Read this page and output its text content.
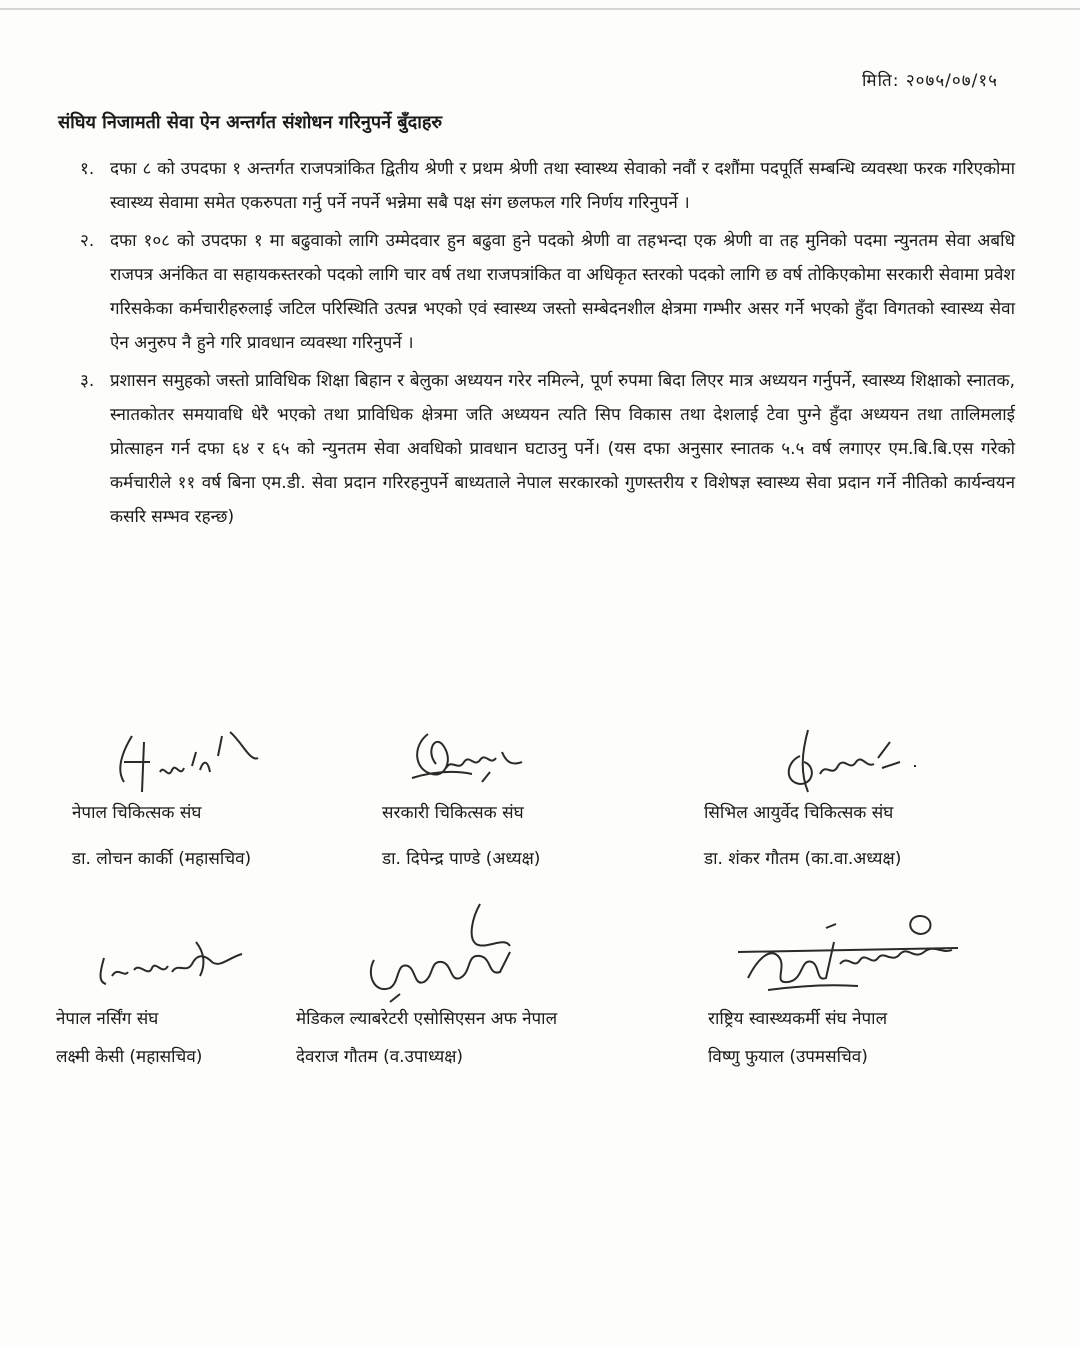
मिति: २०७५/०७/१५
संघिय निजामती सेवा ऐन अन्तर्गत संशोधन गरिनुपर्ने बुँदाहरु
१. दफा ८ को उपदफा १ अन्तर्गत राजपत्रांकित द्वितीय श्रेणी र प्रथम श्रेणी तथा स्वास्थ्य सेवाको नवौं र दशौंमा पदपूर्ति सम्बन्धि व्यवस्था फरक गरिएकोमा स्वास्थ्य सेवामा समेत एकरुपता गर्नु पर्ने नपर्ने भन्नेमा सबै पक्ष संग छलफल गरि निर्णय गरिनुपर्ने ।
२. दफा १०८ को उपदफा १ मा बढुवाको लागि उम्मेदवार हुन बढुवा हुने पदको श्रेणी वा तहभन्दा एक श्रेणी वा तह मुनिको पदमा न्युनतम सेवा अबधि राजपत्र अनंकित वा सहायकस्तरको पदको लागि चार वर्ष तथा राजपत्रांकित वा अधिकृत स्तरको पदको लागि छ वर्ष तोकिएकोमा सरकारी सेवामा प्रवेश गरिसकेका कर्मचारीहरुलाई जटिल परिस्थिति उत्पन्न भएको एवं स्वास्थ्य जस्तो सम्बेदनशील क्षेत्रमा गम्भीर असर गर्ने भएको हुँदा विगतको स्वास्थ्य सेवा ऐन अनुरुप नै हुने गरि प्रावधान व्यवस्था गरिनुपर्ने ।
३. प्रशासन समुहको जस्तो प्राविधिक शिक्षा बिहान र बेलुका अध्ययन गरेर नमिल्ने, पूर्ण रुपमा बिदा लिएर मात्र अध्ययन गर्नुपर्ने, स्वास्थ्य शिक्षाको स्नातक, स्नातकोतर समयावधि धेरै भएको तथा प्राविधिक क्षेत्रमा जति अध्ययन त्यति सिप विकास तथा देशलाई टेवा पुग्ने हुँदा अध्ययन तथा तालिमलाई प्रोत्साहन गर्न दफा ६४ र ६५ को न्युनतम सेवा अवधिको प्रावधान घटाउनु पर्ने। (यस दफा अनुसार स्नातक ५.५ वर्ष लगाएर एम.बि.बि.एस गरेको कर्मचारीले ११ वर्ष बिना एम.डी. सेवा प्रदान गरिरहनुपर्ने बाध्यताले नेपाल सरकारको गुणस्तरीय र विशेषज्ञ स्वास्थ्य सेवा प्रदान गर्ने नीतिको कार्यन्वयन कसरि सम्भव रहन्छ)
नेपाल चिकित्सक संघ
डा. लोचन कार्की (महासचिव)
सरकारी चिकित्सक संघ
डा. दिपेन्द्र पाण्डे (अध्यक्ष)
सिभिल आयुर्वेद चिकित्सक संघ
डा. शंकर गौतम (का.वा.अध्यक्ष)
नेपाल नर्सिंग संघ
लक्ष्मी केसी (महासचिव)
मेडिकल ल्याबरेटरी एसोसिएसन अफ नेपाल
देवराज गौतम (व.उपाध्यक्ष)
राष्ट्रिय स्वास्थ्यकर्मी संघ नेपाल
विष्णु फुयाल (उपमसचिव)
